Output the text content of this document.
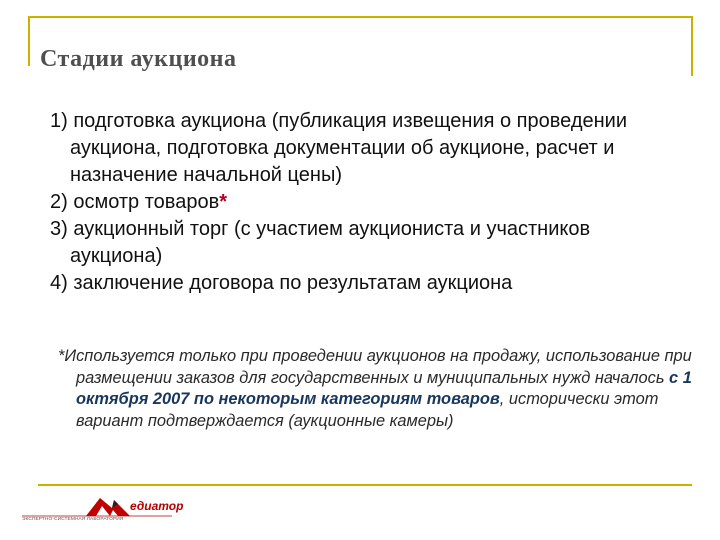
Стадии аукциона
1) подготовка аукциона (публикация извещения о проведении аукциона, подготовка документации об аукционе, расчет и назначение начальной цены)
2) осмотр товаров*
3) аукционный торг (с участием аукциониста и участников аукциона)
4) заключение договора по результатам аукциона
*Используется только при проведении аукционов на продажу, использование при размещении заказов для государственных и муниципальных нужд началось с 1 октября 2007 по некоторым категориям товаров, исторически этот вариант подтверждается (аукционные камеры)
едиатор
ЭКСПЕРТНО-СИСТЕМНАЯ ЛАБОРАТОРИЯ
